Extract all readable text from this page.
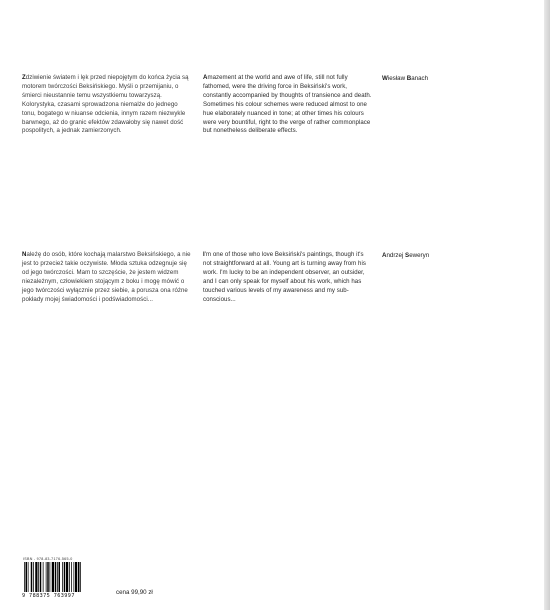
Zdziwienie światem i lęk przed niepojętym do końca życia są motorem twórczości Beksińskiego. Myśli o przemijaniu, o śmierci nieustannie temu wszystkiemu towarzyszą. Kolorystyka, czasami sprowadzona niemalże do jednego tonu, bogatego w niuanse odcienia, innym razem niezwykle barwnego, aż do granic efektów zdawałoby się nawet dość pospolitych, a jednak zamierzonych.

Amazement at the world and awe of life, still not fully fathomed, were the driving force in Beksiński's work, constantly accompanied by thoughts of transience and death. Sometimes his colour schemes were reduced almost to one hue elaborately nuanced in tone; at other times his colours were very bountiful, right to the verge of rather commonplace but nonetheless deliberate effects.

Wiesław Banach

Należę do osób, które kochają malarstwo Beksińskiego, a nie jest to przecież takie oczywiste. Młoda sztuka odzegnuje się od jego twórczości. Mam to szczęście, że jestem widzem niezależnym, człowiekiem stojącym z boku i mogę mówić o jego twórczości wyłącznie przez siebie, a porusza ona różne pokłady mojej świadomości i podświadomości...

I'm one of those who love Beksiński's paintings, though it's not straightforward at all. Young art is turning away from his work. I'm lucky to be an independent observer, an outsider, and I can only speak for myself about his work, which has touched various levels of my awareness and my sub-conscious...

Andrzej Seweryn
ISBN - 978-83-7176-565-0
9 788375 763997	cena 99,90 zł
